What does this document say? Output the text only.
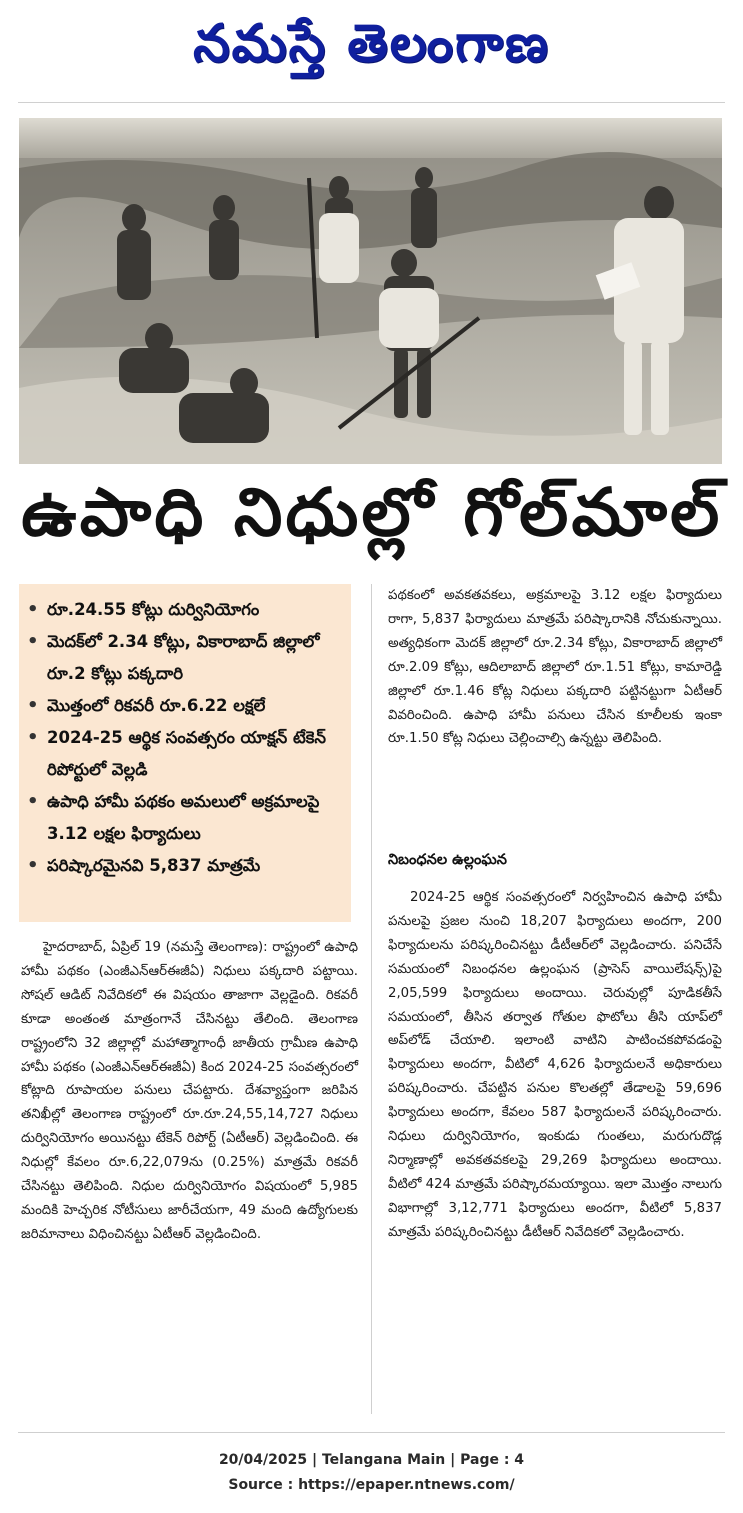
నమస్తే తెలంగాణ
ఉపాధి నిధుల్లో గోల్‌మాల్
• రూ.24.55 కోట్లు దుర్వినియోగం
• మెదక్‌లో 2.34 కోట్లు, వికారాబాద్ జిల్లాలో రూ.2 కోట్లు పక్కదారి
• మొత్తంలో రికవరీ రూ.6.22 లక్షలే
• 2024-25 ఆర్థిక సంవత్సరం యాక్షన్ టేకెన్ రిపోర్టులో వెల్లడి
• ఉపాధి హామీ పథకం అమలులో అక్రమాలపై 3.12 లక్షల ఫిర్యాదులు
• పరిష్కారమైనవి 5,837 మాత్రమే

హైదరాబాద్, ఏప్రిల్ 19 (నమస్తే తెలంగాణ): రాష్ట్రంలో ఉపాధి హామీ పథకం (ఎంజీఎన్‌ఆర్‌ఈజీఏ) నిధులు పక్కదారి పట్టాయి. సోషల్ ఆడిట్ నివేదికలో ఈ విషయం తాజాగా వెల్లడైంది. రికవరీ కూడా అంతంత మాత్రంగానే చేసినట్టు తేలింది. తెలంగాణ రాష్ట్రంలోని 32 జిల్లాల్లో మహాత్మాగాంధీ జాతీయ గ్రామీణ ఉపాధి హామీ పథకం (ఎంజీఎన్‌ఆర్‌ఈజీఏ) కింద 2024-25 సంవత్సరంలో కోట్లాది రూపాయల పనులు చేపట్టారు. దేశవ్యాప్తంగా జరిపిన తనిఖీల్లో తెలంగాణ రాష్ట్రంలో రూ.రూ.24,55,14,727 నిధులు దుర్వినియోగం అయినట్టు టేకెన్ రిపోర్ట్ (ఏటీఆర్) వెల్లడించింది. ఈ నిధుల్లో కేవలం రూ.6,22,079ను (0.25%) మాత్రమే రికవరీ చేసినట్టు తెలిపింది. నిధుల దుర్వినియోగం విషయంలో 5,985 మందికి హెచ్చరిక నోటీసులు జారీచేయగా, 49 మంది ఉద్యోగులకు జరిమానాలు విధించినట్టు ఏటీఆర్ వెల్లడించింది.

పథకంలో అవకతవకలు, అక్రమాలపై 3.12 లక్షల ఫిర్యాదులు రాగా, 5,837 ఫిర్యాదులు మాత్రమే పరిష్కారానికి నోచుకున్నాయి. అత్యధికంగా మెదక్ జిల్లాలో రూ.2.34 కోట్లు, వికారాబాద్ జిల్లాలో రూ.2.09 కోట్లు, ఆదిలాబాద్ జిల్లాలో రూ.1.51 కోట్లు, కామారెడ్డి జిల్లాలో రూ.1.46 కోట్ల నిధులు పక్కదారి పట్టినట్టుగా ఏటీఆర్ వివరించింది. ఉపాధి హామీ పనులు చేసిన కూలీలకు ఇంకా రూ.1.50 కోట్ల నిధులు చెల్లించాల్సి ఉన్నట్టు తెలిపింది.

నిబంధనల ఉల్లంఘన

2024-25 ఆర్థిక సంవత్సరంలో నిర్వహించిన ఉపాధి హామీ పనులపై ప్రజల నుంచి 18,207 ఫిర్యాదులు అందగా, 200 ఫిర్యాదులను పరిష్కరించినట్టు డీటీఆర్‌లో వెల్లడించారు. పనిచేసే సమయంలో నిబంధనల ఉల్లంఘన (ప్రాసెస్ వాయిలేషన్స్)పై 2,05,599 ఫిర్యాదులు అందాయి. చెరువుల్లో పూడికతీసే సమయంలో, తీసిన తర్వాత గోతుల ఫొటోలు తీసి యాప్‌లో అప్‌లోడ్ చేయాలి. ఇలాంటి వాటిని పాటించకపోవడంపై ఫిర్యాదులు అందగా, వీటిలో 4,626 ఫిర్యాదులనే అధికారులు పరిష్కరించారు. చేపట్టిన పనుల కొలతల్లో తేడాలపై 59,696 ఫిర్యాదులు అందగా, కేవలం 587 ఫిర్యాదులనే పరిష్కరించారు. నిధులు దుర్వినియోగం, ఇంకుడు గుంతలు, మరుగుదొడ్ల నిర్మాణాల్లో అవకతవకలపై 29,269 ఫిర్యాదులు అందాయి. వీటిలో 424 మాత్రమే పరిష్కారమయ్యాయి. ఇలా మొత్తం నాలుగు విభాగాల్లో 3,12,771 ఫిర్యాదులు అందగా, వీటిలో 5,837 మాత్రమే పరిష్కరించినట్టు డీటీఆర్ నివేదికలో వెల్లడించారు.

20/04/2025 | Telangana Main | Page : 4
Source : https://epaper.ntnews.com/
